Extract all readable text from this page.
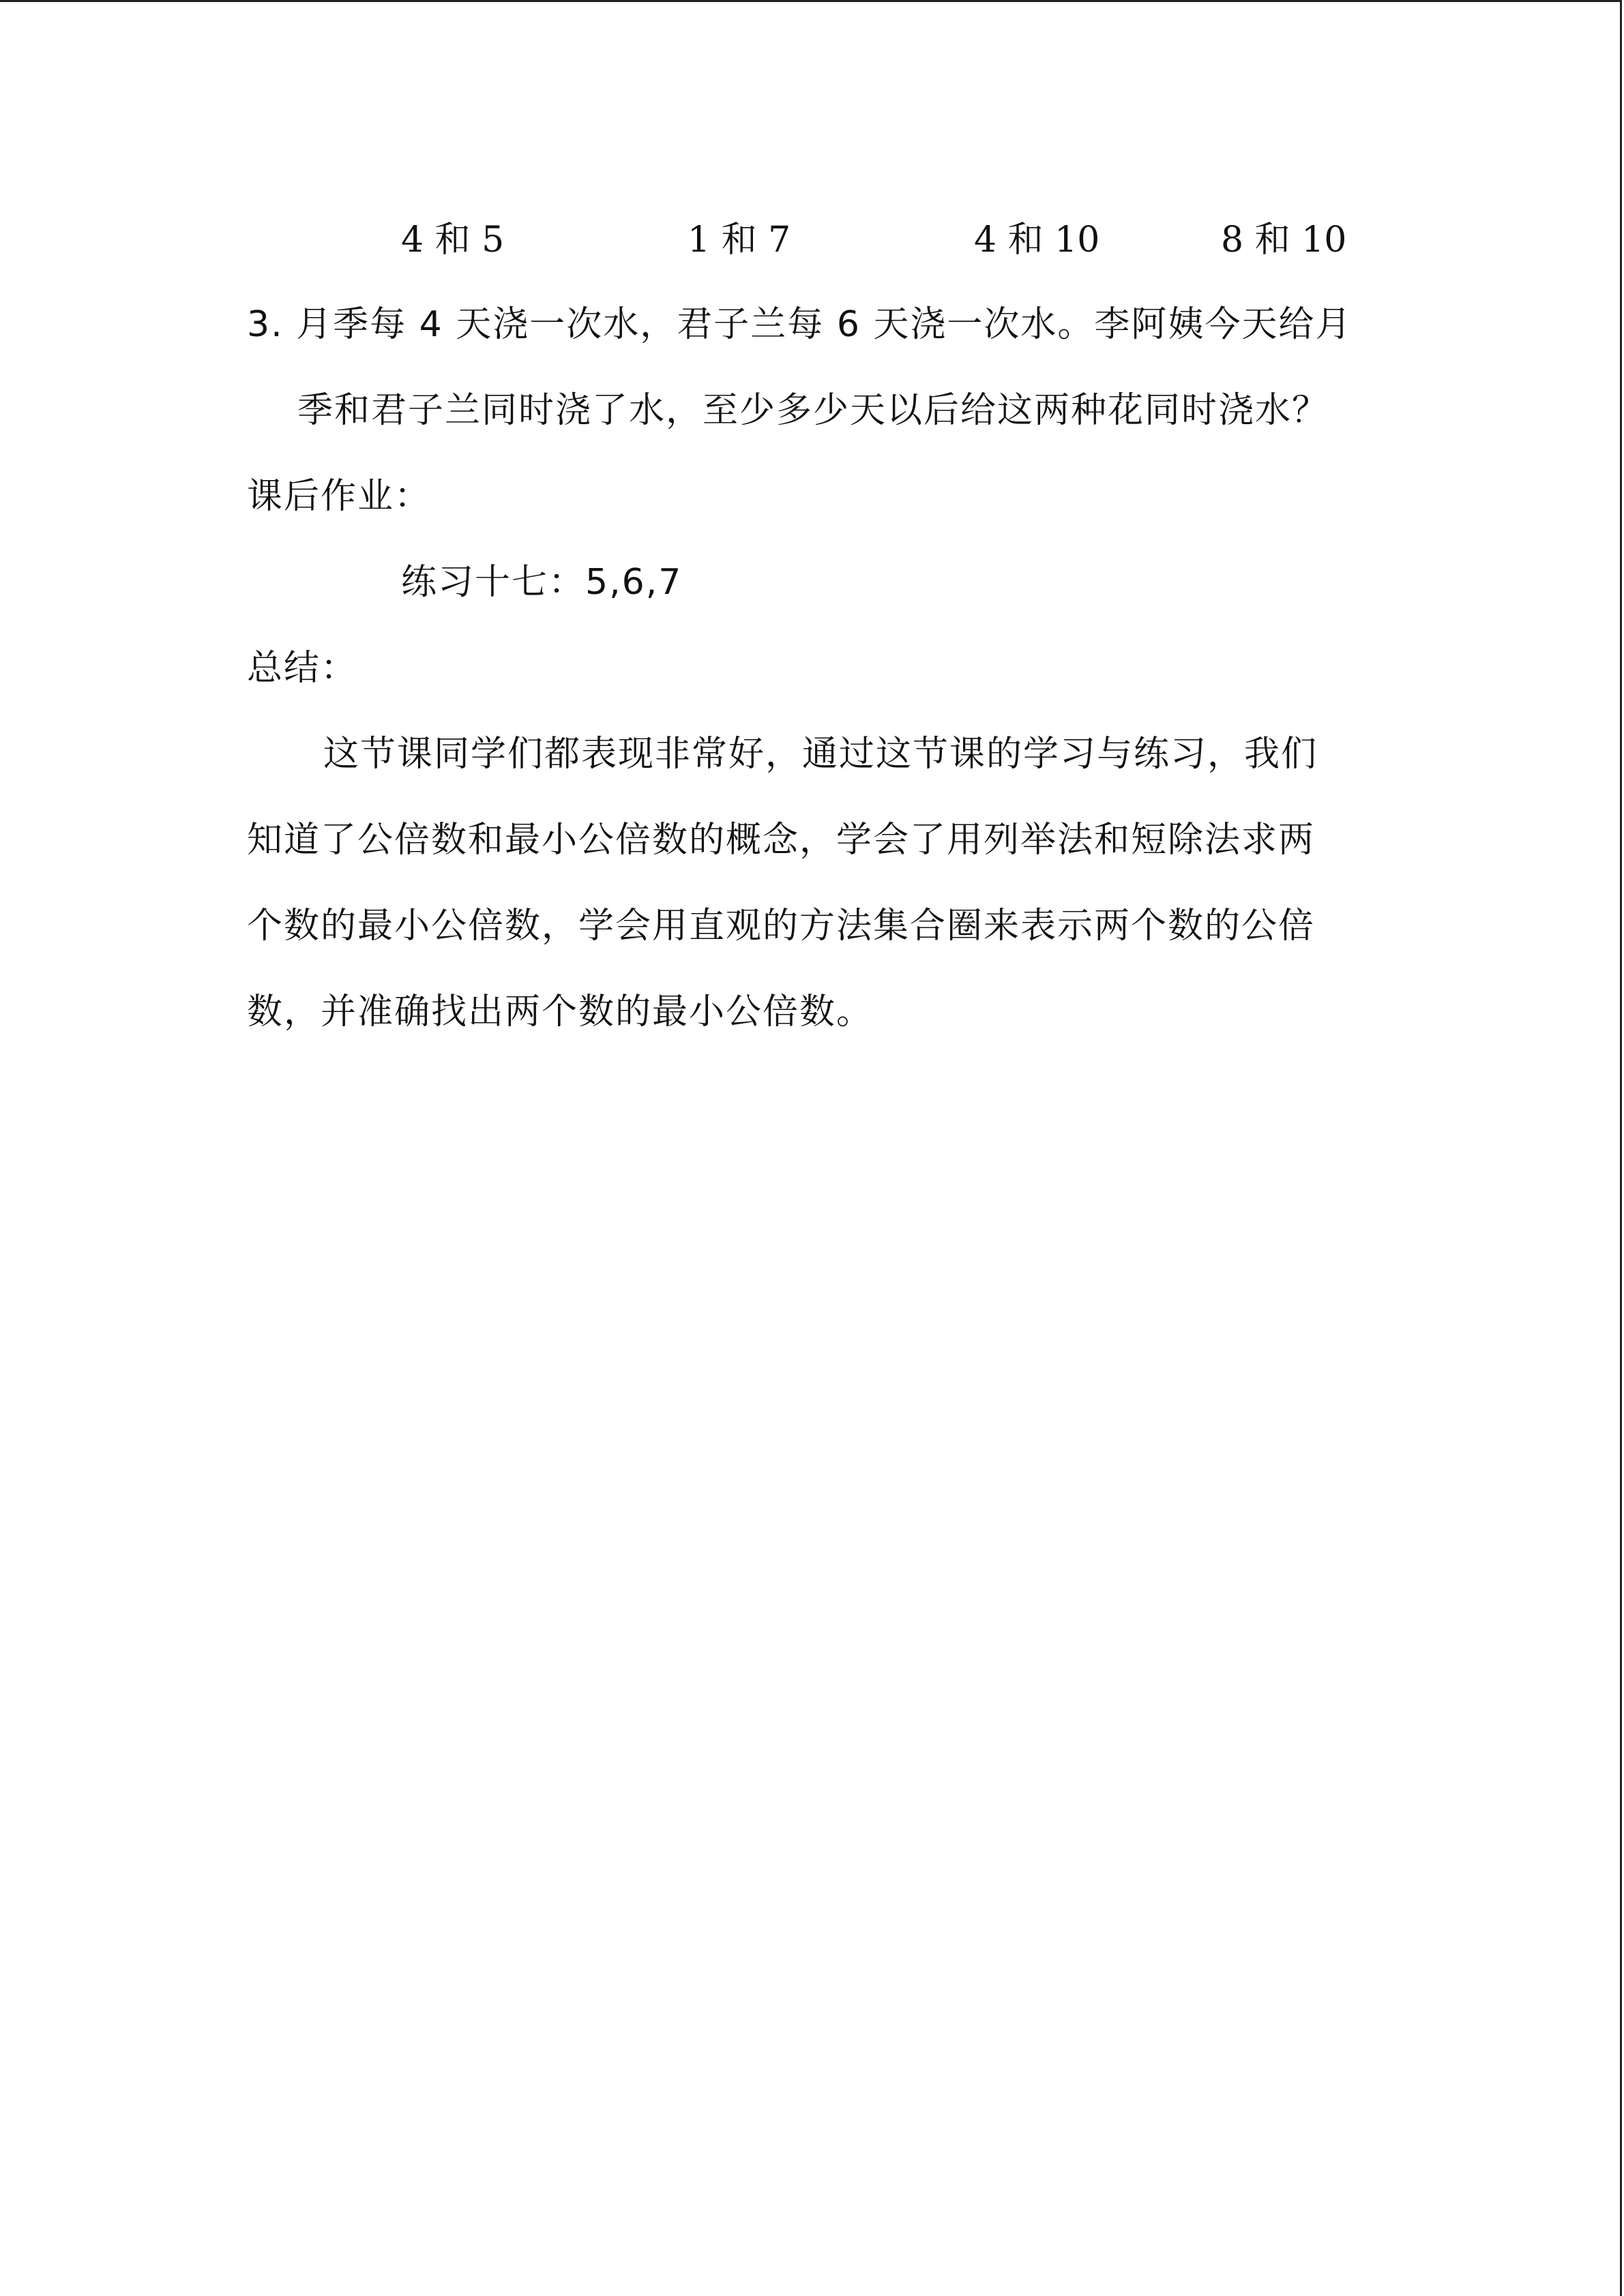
4 和 5	1 和 7	4 和 10	8 和 10
3. 月季每 4 天浇一次水，君子兰每 6 天浇一次水。李阿姨今天给月
季和君子兰同时浇了水，至少多少天以后给这两种花同时浇水？
课后作业：
练习十七：5,6,7
总结：
这节课同学们都表现非常好，通过这节课的学习与练习，我们
知道了公倍数和最小公倍数的概念，学会了用列举法和短除法求两
个数的最小公倍数，学会用直观的方法集合圈来表示两个数的公倍
数，并准确找出两个数的最小公倍数。
